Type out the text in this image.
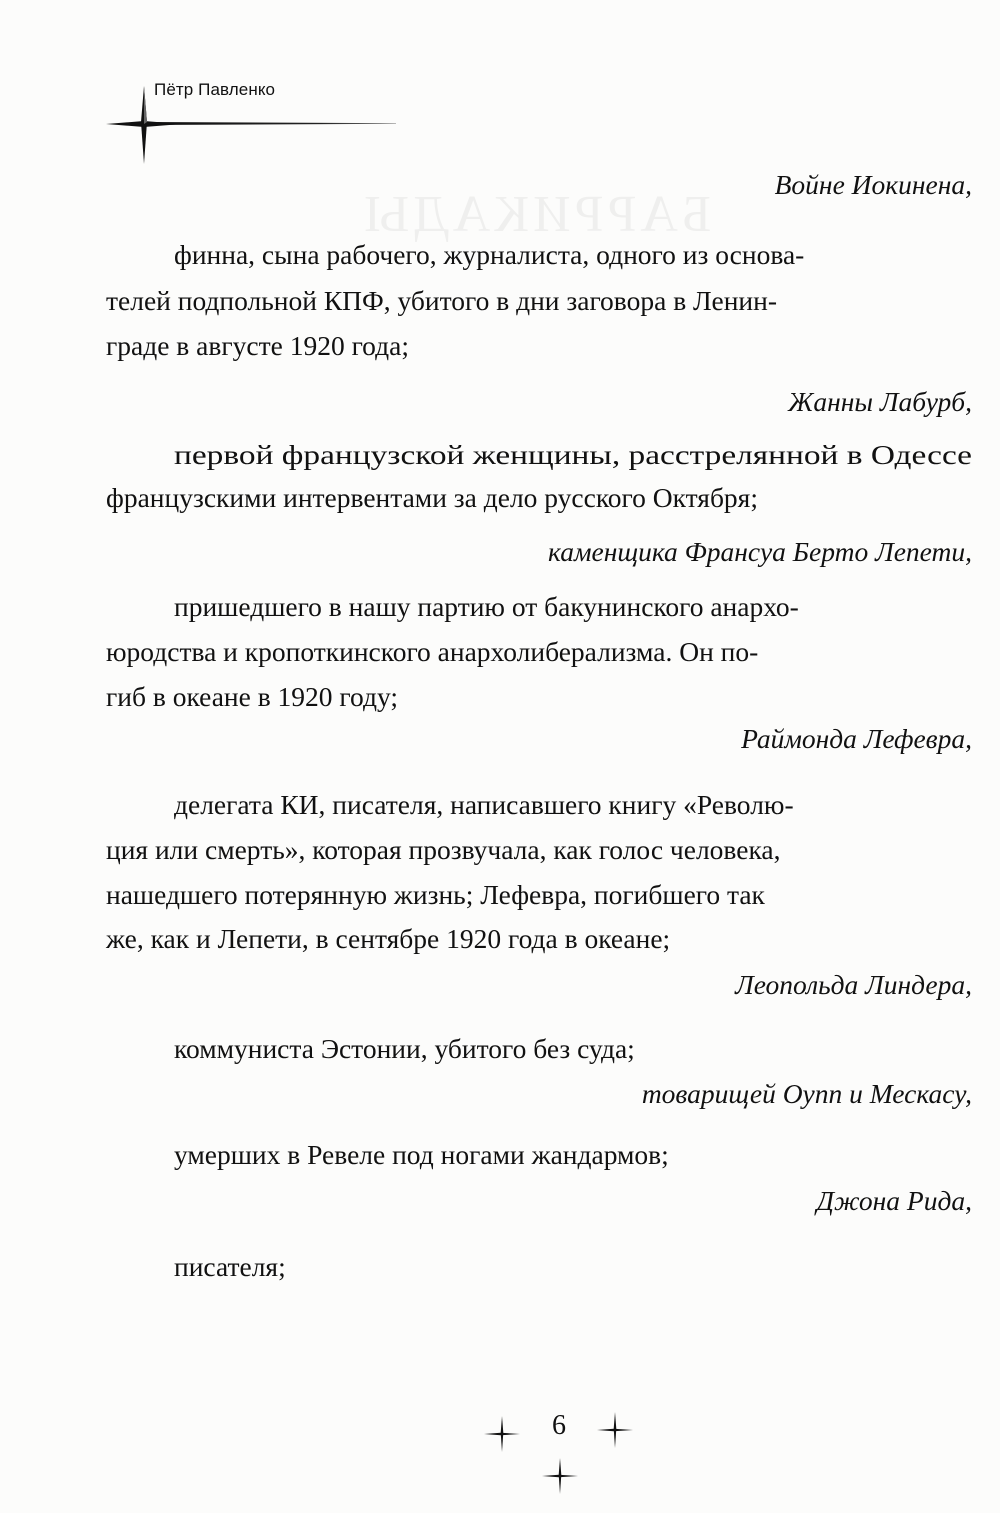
БАРРИКАДЫ
Пётр Павленко
Войне Иокинена,
финна, сына рабочего, журналиста, одного из основа-
телей подпольной КПФ, убитого в дни заговора в Ленин-
граде в августе 1920 года;
Жанны Лабурб,
первой французской женщины, расстрелянной в Одессе
французскими интервентами за дело русского Октября;
каменщика Франсуа Берто Лепети,
пришедшего в нашу партию от бакунинского анархо-
юродства и кропоткинского анархолиберализма. Он по-
гиб в океане в 1920 году;
Раймонда Лефевра,
делегата КИ, писателя, написавшего книгу «Револю-
ция или смерть», которая прозвучала, как голос человека,
нашедшего потерянную жизнь; Лефевра, погибшего так
же, как и Лепети, в сентябре 1920 года в океане;
Леопольда Линдера,
коммуниста Эстонии, убитого без суда;
товарищей Оупп и Мескасу,
умерших в Ревеле под ногами жандармов;
Джона Рида,
писателя;
6
